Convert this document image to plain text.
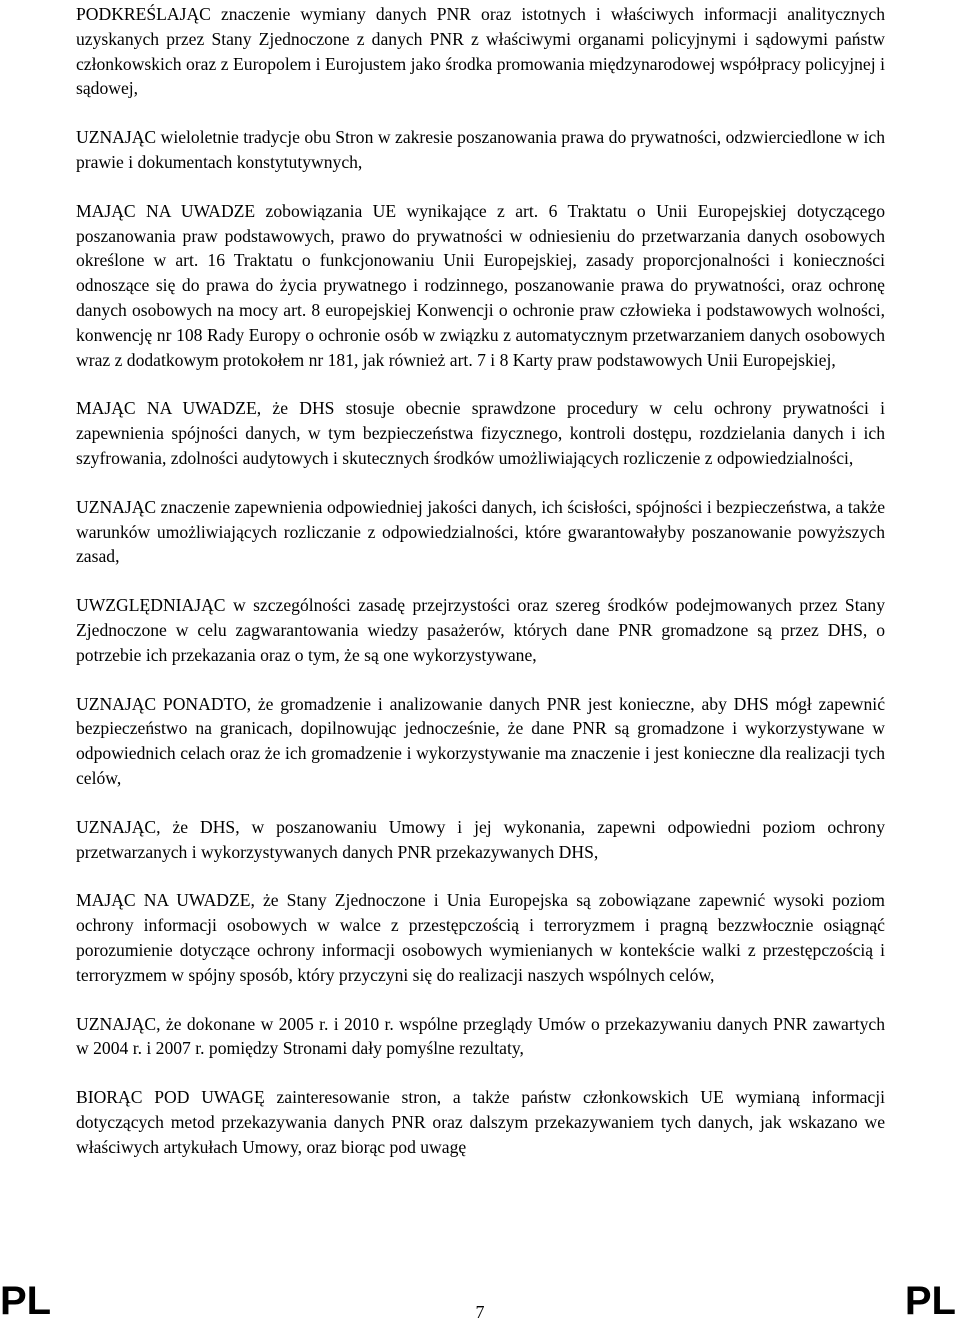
PODKREŚLAJĄC znaczenie wymiany danych PNR oraz istotnych i właściwych informacji analitycznych uzyskanych przez Stany Zjednoczone z danych PNR z właściwymi organami policyjnymi i sądowymi państw członkowskich oraz z Europolem i Eurojustem jako środka promowania międzynarodowej współpracy policyjnej i sądowej,

UZNAJĄC wieloletnie tradycje obu Stron w zakresie poszanowania prawa do prywatności, odzwierciedlone w ich prawie i dokumentach konstytutywnych,

MAJĄC NA UWADZE zobowiązania UE wynikające z art. 6 Traktatu o Unii Europejskiej dotyczącego poszanowania praw podstawowych, prawo do prywatności w odniesieniu do przetwarzania danych osobowych określone w art. 16 Traktatu o funkcjonowaniu Unii Europejskiej, zasady proporcjonalności i konieczności odnoszące się do prawa do życia prywatnego i rodzinnego, poszanowanie prawa do prywatności, oraz ochronę danych osobowych na mocy art. 8 europejskiej Konwencji o ochronie praw człowieka i podstawowych wolności, konwencję nr 108 Rady Europy o ochronie osób w związku z automatycznym przetwarzaniem danych osobowych wraz z dodatkowym protokołem nr 181, jak również art. 7 i 8 Karty praw podstawowych Unii Europejskiej,

MAJĄC NA UWADZE, że DHS stosuje obecnie sprawdzone procedury w celu ochrony prywatności i zapewnienia spójności danych, w tym bezpieczeństwa fizycznego, kontroli dostępu, rozdzielania danych i ich szyfrowania, zdolności audytowych i skutecznych środków umożliwiających rozliczenie z odpowiedzialności,

UZNAJĄC znaczenie zapewnienia odpowiedniej jakości danych, ich ścisłości, spójności i bezpieczeństwa, a także warunków umożliwiających rozliczanie z odpowiedzialności, które gwarantowałyby poszanowanie powyższych zasad,

UWZGLĘDNIAJĄC w szczególności zasadę przejrzystości oraz szereg środków podejmowanych przez Stany Zjednoczone w celu zagwarantowania wiedzy pasażerów, których dane PNR gromadzone są przez DHS, o potrzebie ich przekazania oraz o tym, że są one wykorzystywane,

UZNAJĄC PONADTO, że gromadzenie i analizowanie danych PNR jest konieczne, aby DHS mógł zapewnić bezpieczeństwo na granicach, dopilnowując jednocześnie, że dane PNR są gromadzone i wykorzystywane w odpowiednich celach oraz że ich gromadzenie i wykorzystywanie ma znaczenie i jest konieczne dla realizacji tych celów,

UZNAJĄC, że DHS, w poszanowaniu Umowy i jej wykonania, zapewni odpowiedni poziom ochrony przetwarzanych i wykorzystywanych danych PNR przekazywanych DHS,

MAJĄC NA UWADZE, że Stany Zjednoczone i Unia Europejska są zobowiązane zapewnić wysoki poziom ochrony informacji osobowych w walce z przestępczością i terroryzmem i pragną bezzwłocznie osiągnąć porozumienie dotyczące ochrony informacji osobowych wymienianych w kontekście walki z przestępczością i terroryzmem w spójny sposób, który przyczyni się do realizacji naszych wspólnych celów,

UZNAJĄC, że dokonane w 2005 r. i 2010 r. wspólne przeglądy Umów o przekazywaniu danych PNR zawartych w 2004 r. i 2007 r. pomiędzy Stronami dały pomyślne rezultaty,

BIORĄC POD UWAGĘ zainteresowanie stron, a także państw członkowskich UE wymianą informacji dotyczących metod przekazywania danych PNR oraz dalszym przekazywaniem tych danych, jak wskazano we właściwych artykułach Umowy, oraz biorąc pod uwagę

PL	7	PL
